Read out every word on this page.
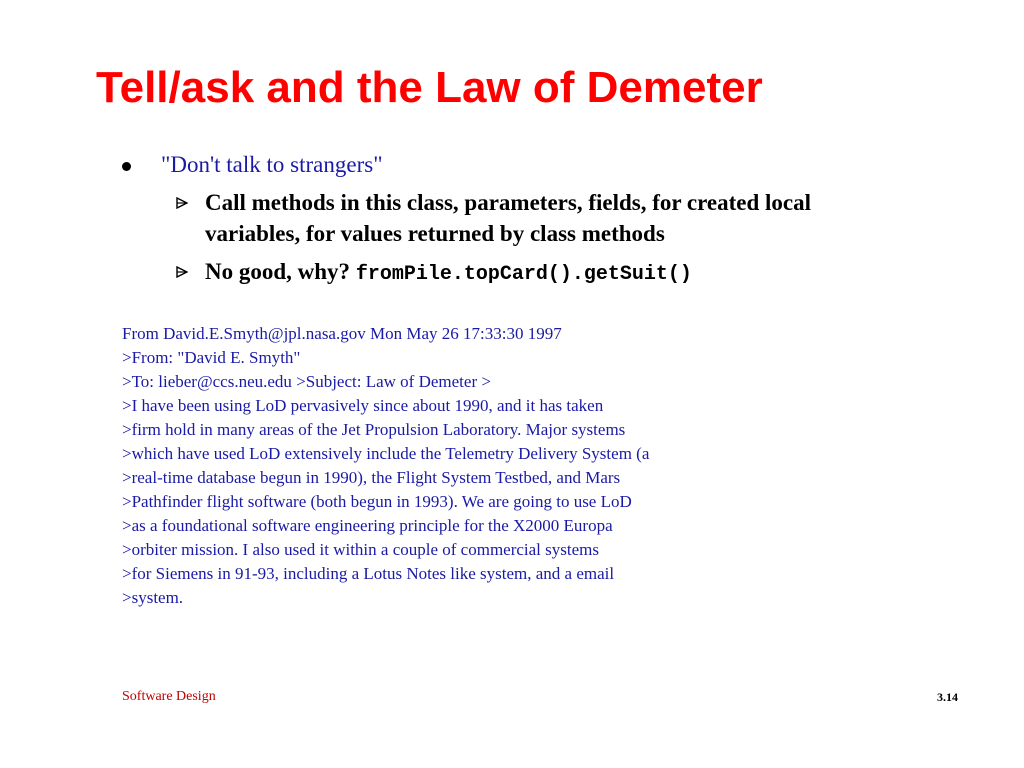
Tell/ask and the Law of Demeter
"Don't talk to strangers"
Call methods in this class, parameters, fields, for created local variables, for values returned by class methods
No good, why? fromPile.topCard().getSuit()
From David.E.Smyth@jpl.nasa.gov Mon May 26 17:33:30 1997
>From: "David E. Smyth"
>To: lieber@ccs.neu.edu >Subject: Law of Demeter >
>I have been using LoD pervasively since about 1990, and it has taken
>firm hold in many areas of the Jet Propulsion Laboratory. Major systems
>which have used LoD extensively include the Telemetry Delivery System (a
>real-time database begun in 1990), the Flight System Testbed, and Mars
>Pathfinder flight software (both begun in 1993). We are going to use LoD
>as a foundational software engineering principle for the X2000 Europa
>orbiter mission. I also used it within a couple of commercial systems
>for Siemens in 91-93, including a Lotus Notes like system, and a email
>system.
Software Design	3.14
